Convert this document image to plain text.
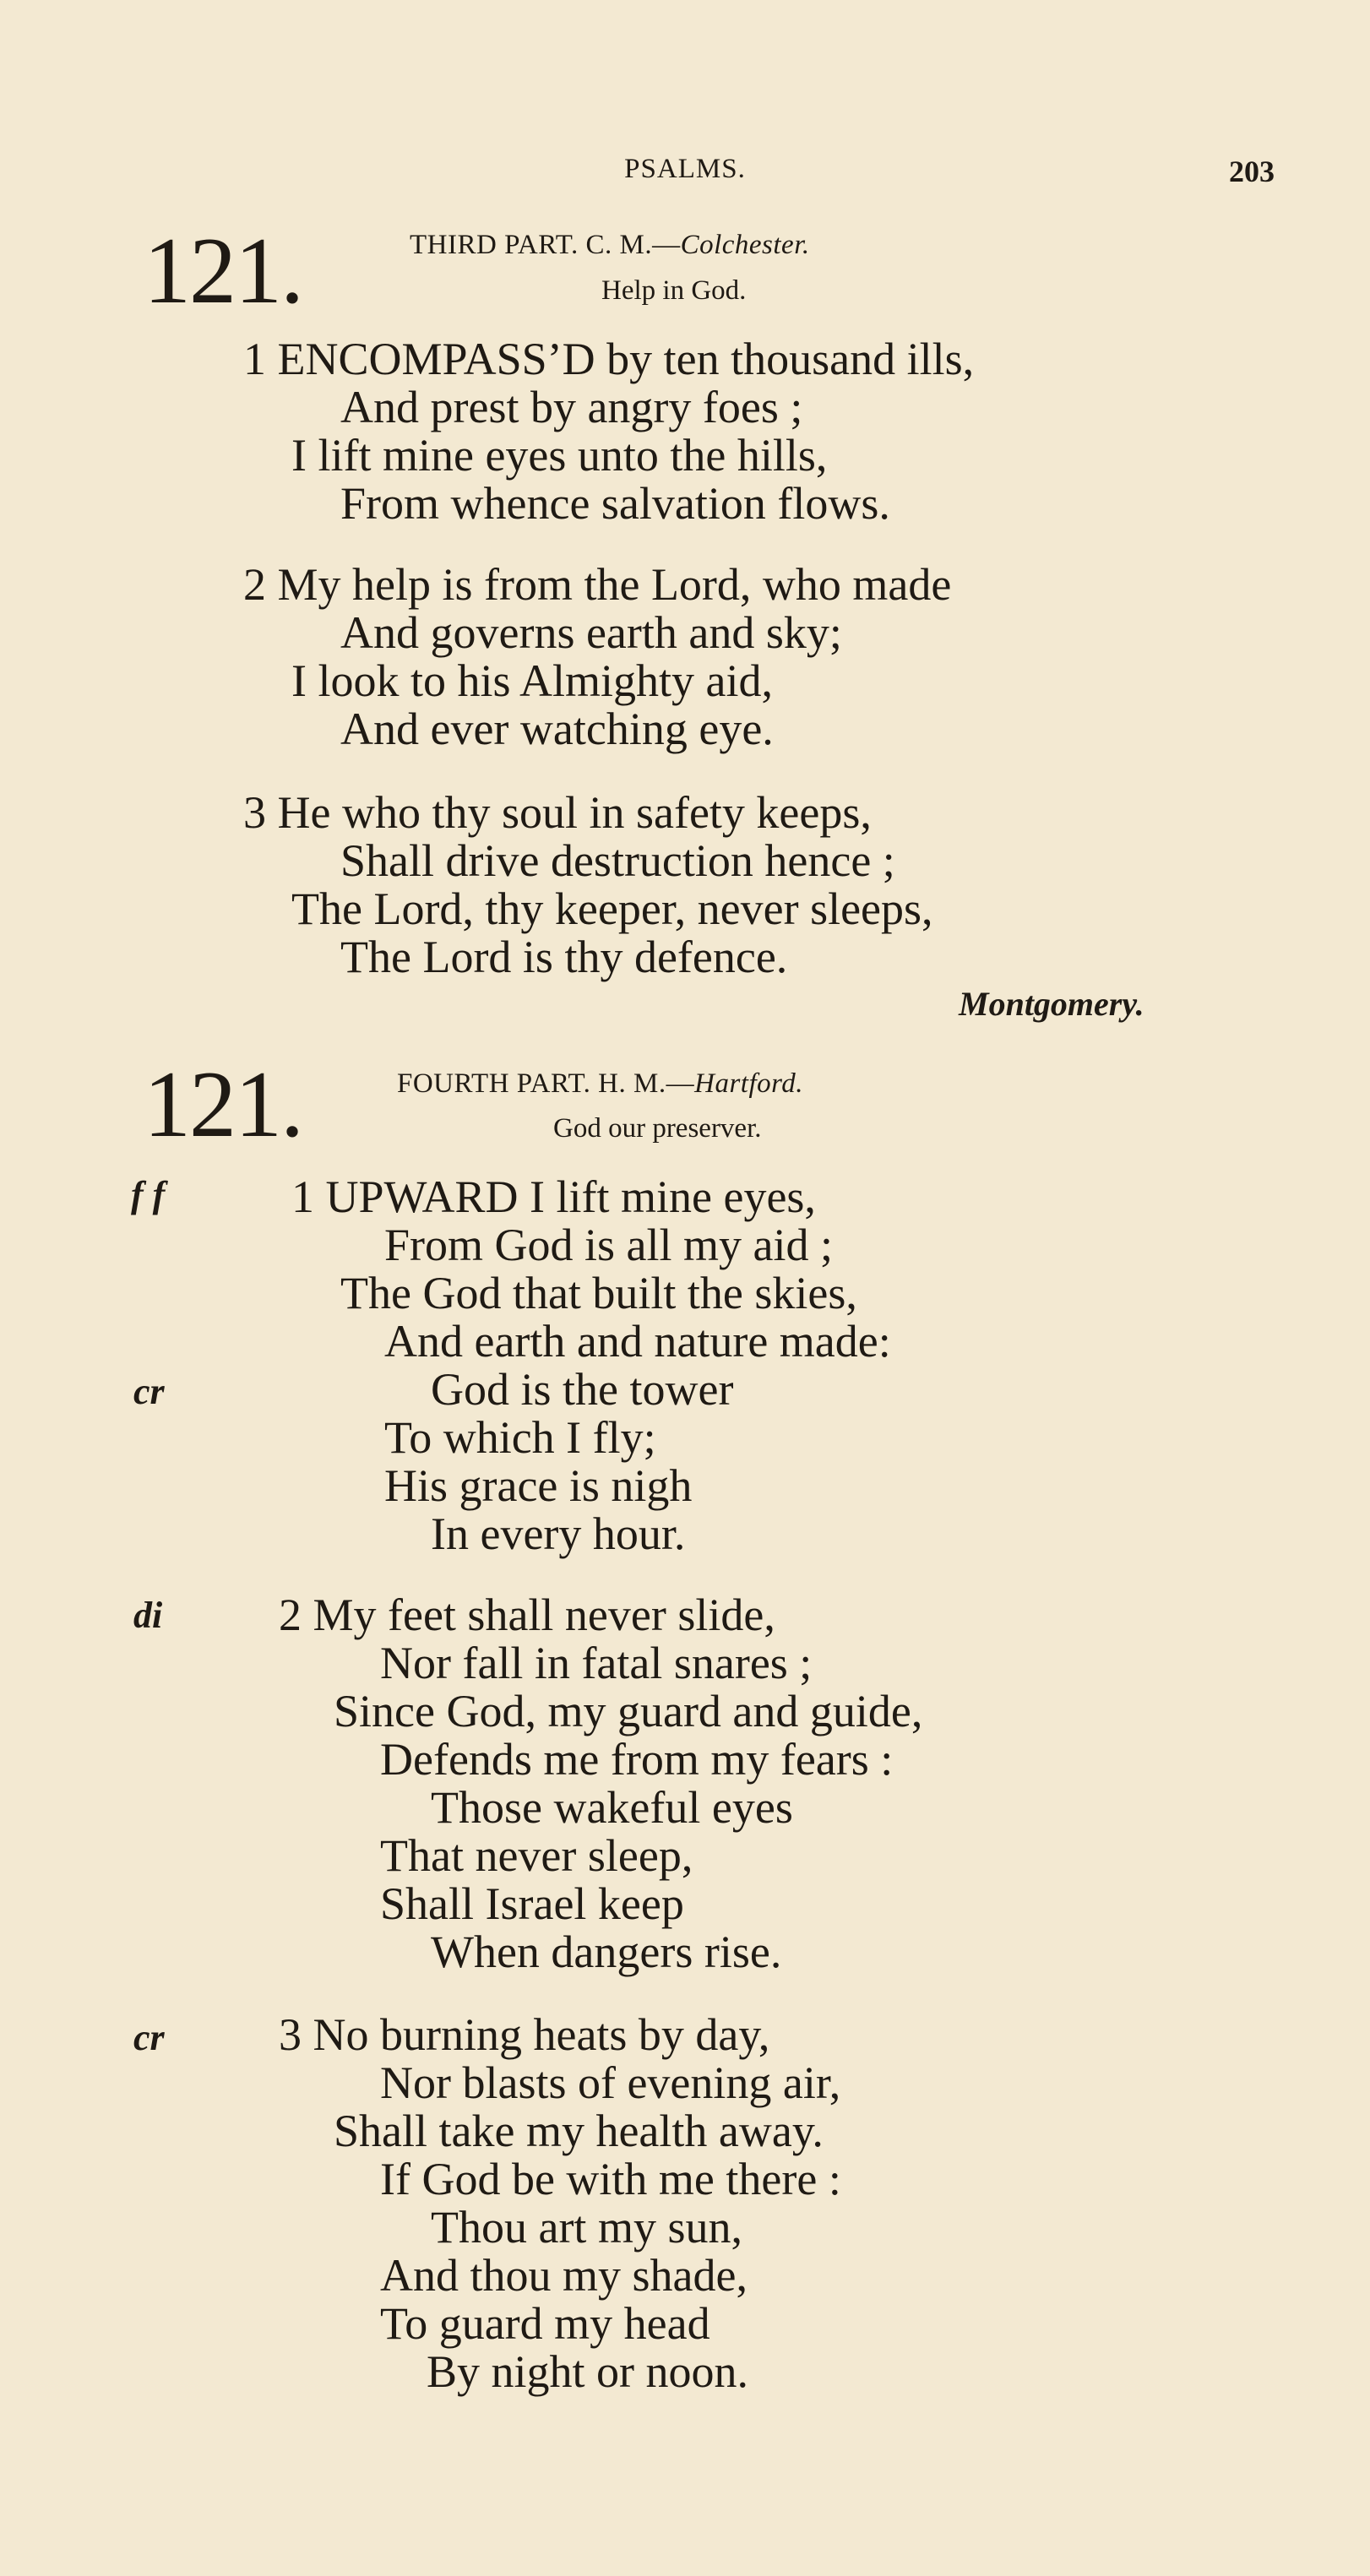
PSALMS.	203
121.	THIRD PART. C. M.—Colchester.
Help in God.
1 ENCOMPASS’D by ten thousand ills,
And prest by angry foes ;
I lift mine eyes unto the hills,
From whence salvation flows.
2 My help is from the Lord, who made
And governs earth and sky;
I look to his Almighty aid,
And ever watching eye.
3 He who thy soul in safety keeps,
Shall drive destruction hence ;
The Lord, thy keeper, never sleeps,
The Lord is thy defence.
Montgomery.
121.	FOURTH PART. H. M.—Hartford.
God our preserver.
f f
cr
di
cr
1 UPWARD I lift mine eyes,
From God is all my aid ;
The God that built the skies,
And earth and nature made:
God is the tower
To which I fly;
His grace is nigh
In every hour.
2 My feet shall never slide,
Nor fall in fatal snares ;
Since God, my guard and guide,
Defends me from my fears :
Those wakeful eyes
That never sleep,
Shall Israel keep
When dangers rise.
3 No burning heats by day,
Nor blasts of evening air,
Shall take my health away.
If God be with me there :
Thou art my sun,
And thou my shade,
To guard my head
By night or noon.
